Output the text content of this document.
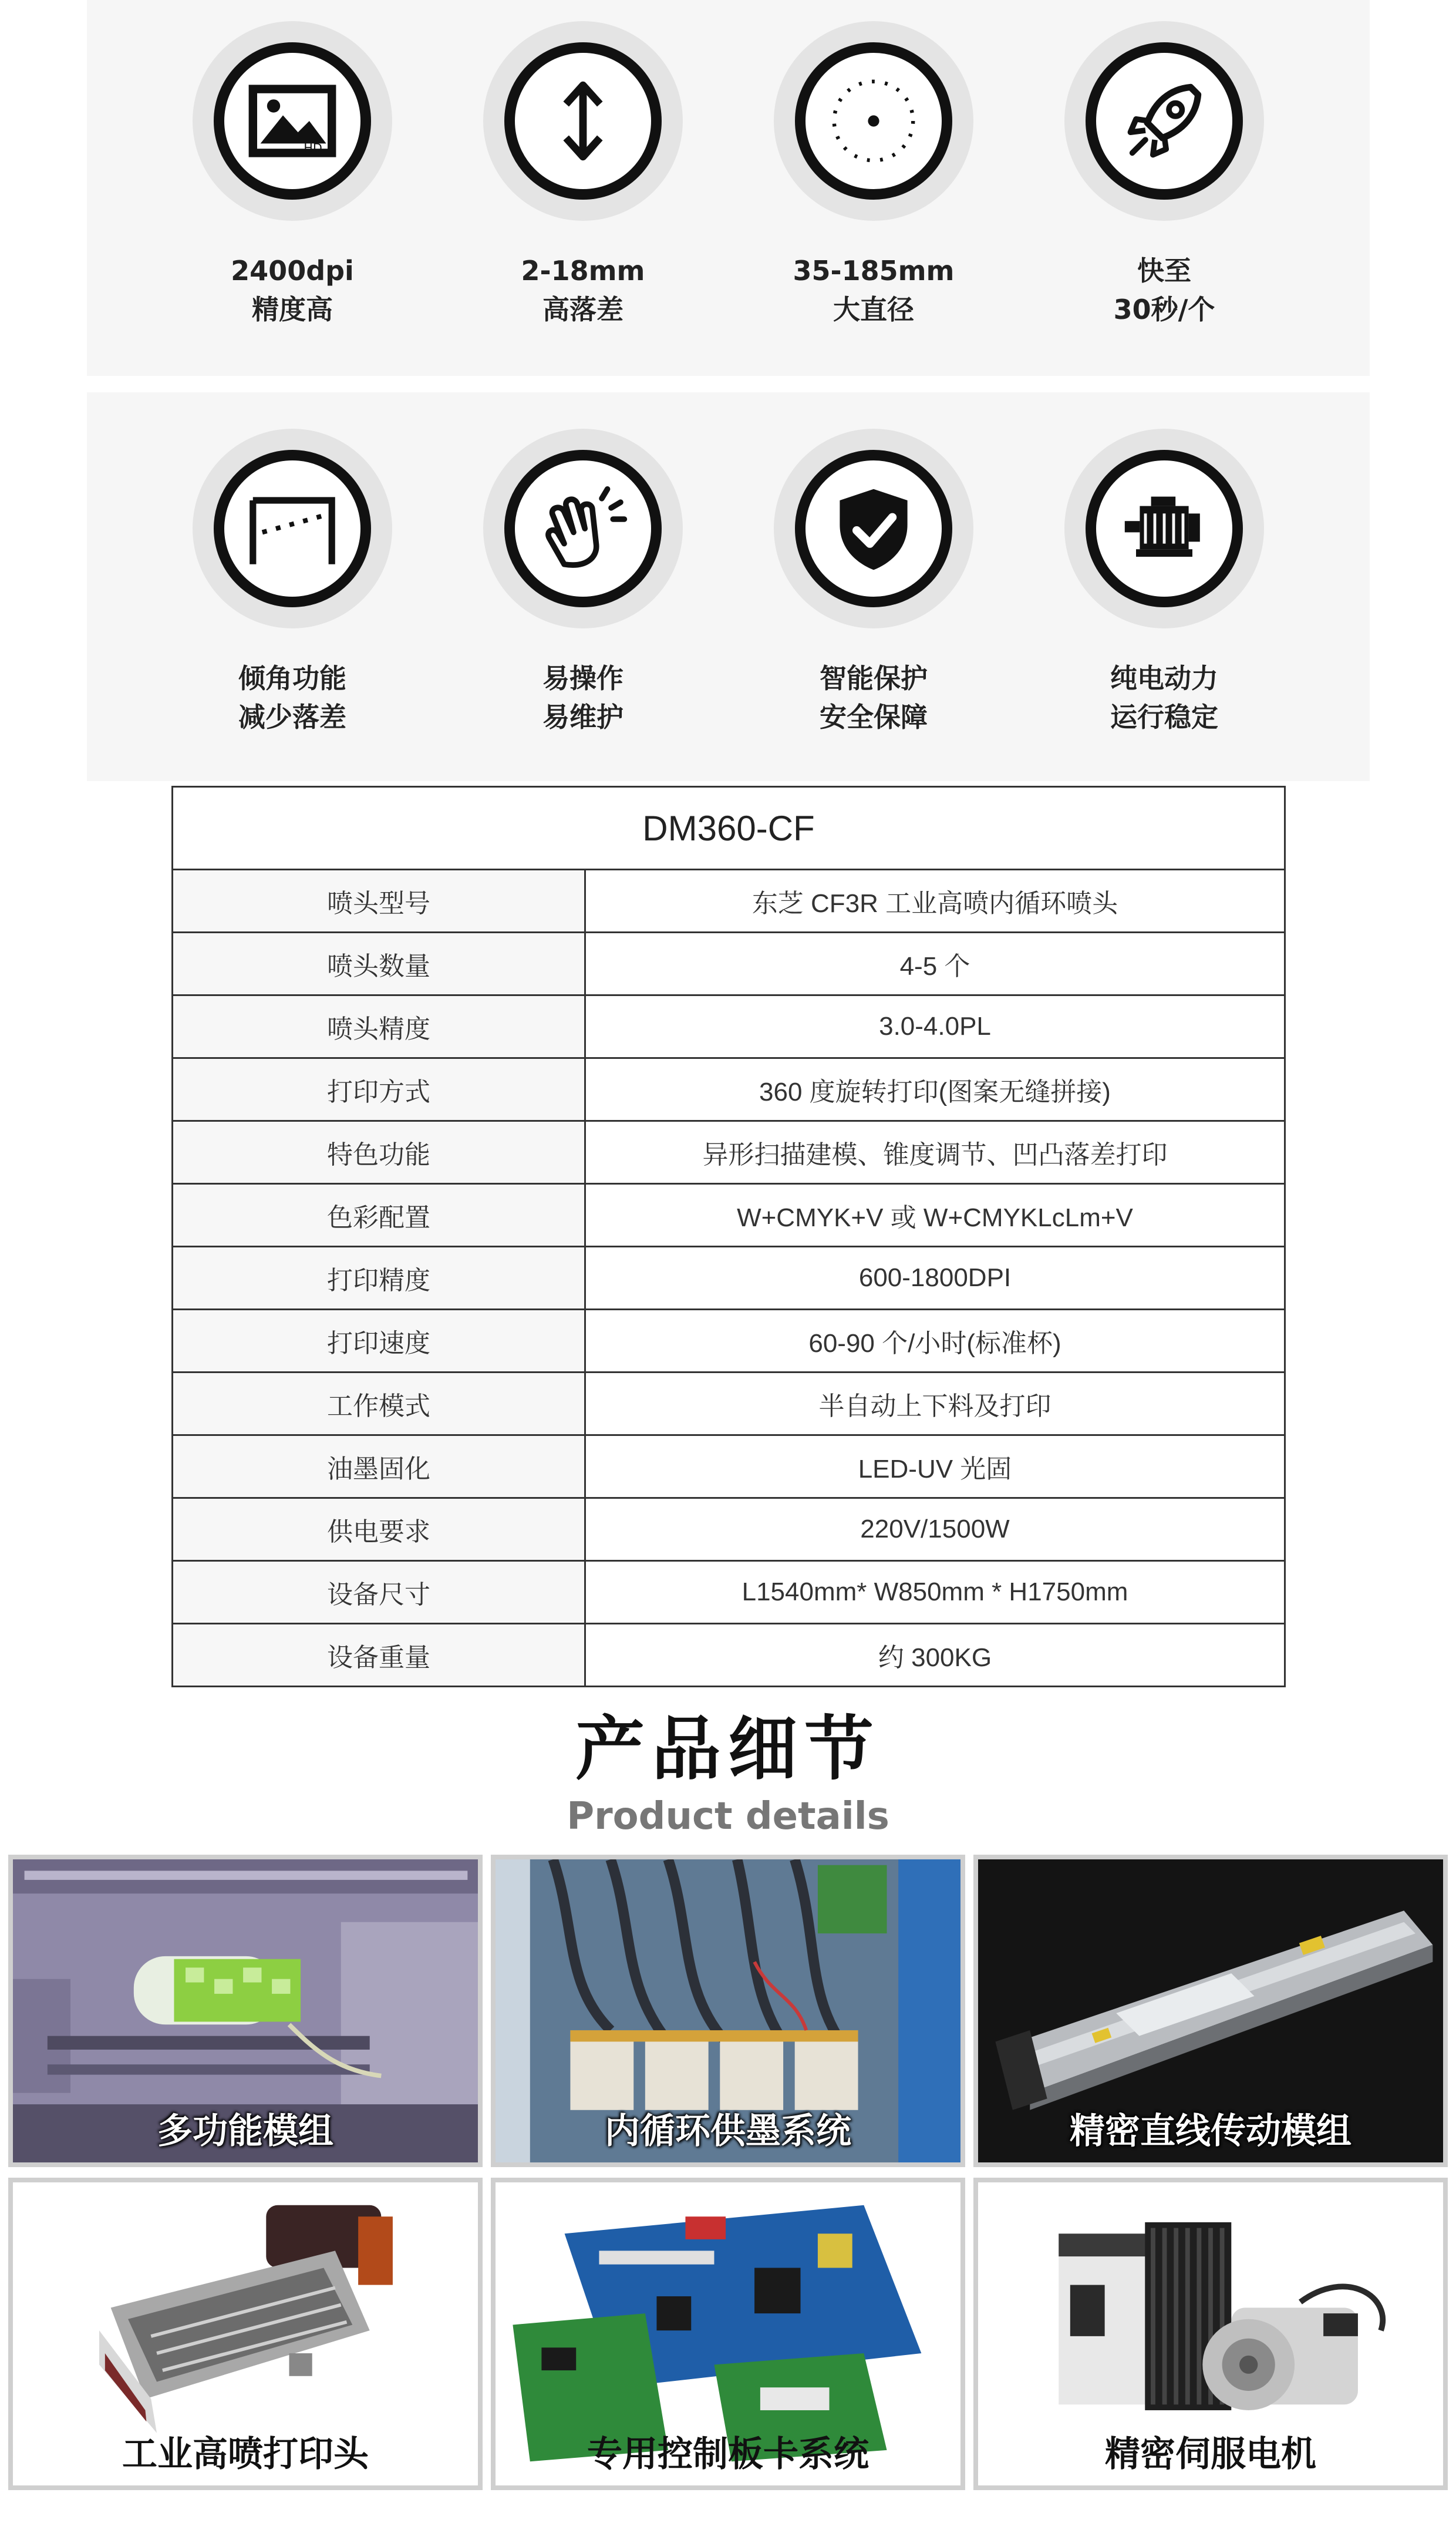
HD
2400dpi
精度高
2-18mm
高落差
35-185mm
大直径
快至
30秒/个
倾角功能
减少落差
易操作
易维护
智能保护
安全保障
纯电动力
运行稳定
DM360-CF	
喷头型号	东芝 CF3R 工业高喷内循环喷头
喷头数量	4-5 个
喷头精度	3.0-4.0PL
打印方式	360 度旋转打印(图案无缝拼接)
特色功能	异形扫描建模、锥度调节、凹凸落差打印
色彩配置	W+CMYK+V 或 W+CMYKLcLm+V
打印精度	600-1800DPI
打印速度	60-90 个/小时(标准杯)
工作模式	半自动上下料及打印
油墨固化	LED-UV 光固
供电要求	220V/1500W
设备尺寸	L1540mm* W850mm * H1750mm
设备重量	约 300KG
产品细节
Product details
多功能模组	内循环供墨系统	精密直线传动模组
工业高喷打印头	专用控制板卡系统	精密伺服电机
